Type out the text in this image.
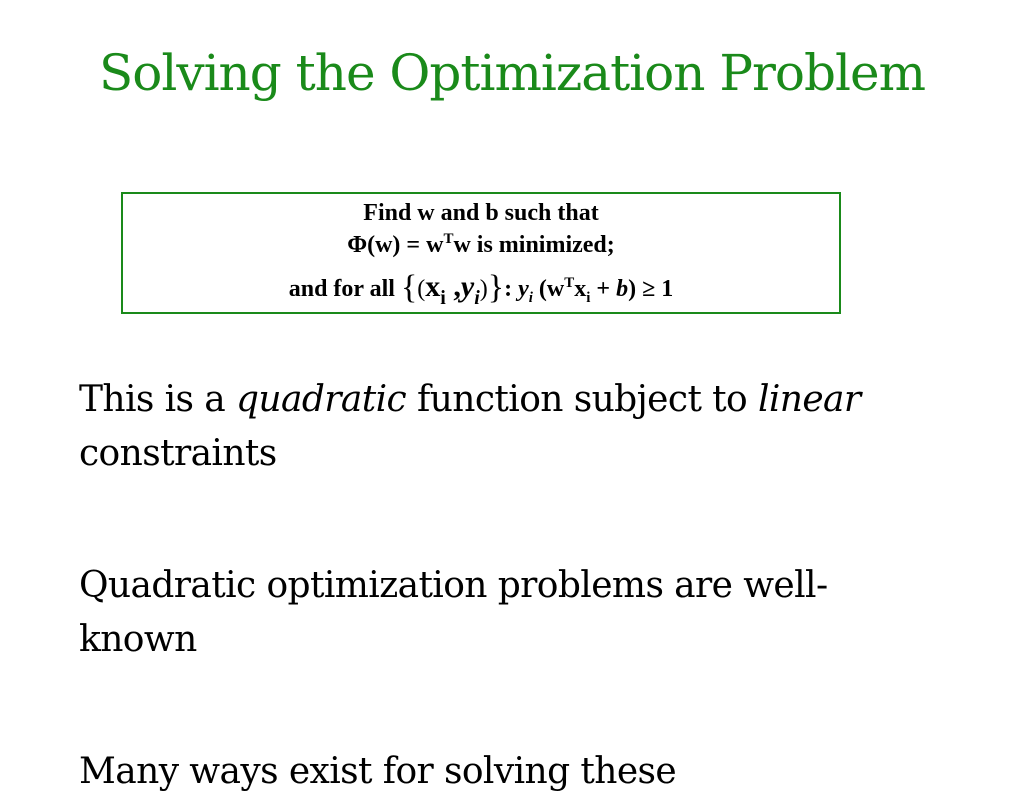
Solving the Optimization Problem
Find w and b such that
$\Phi(w) = w^Tw$ is minimized;
and for all {($x_i$ $,y_i$)}: $y_i$ $(w^Tx_i + b) \ge 1$

This is a quadratic function subject to linear constraints

Quadratic optimization problems are well-known

Many ways exist for solving these
